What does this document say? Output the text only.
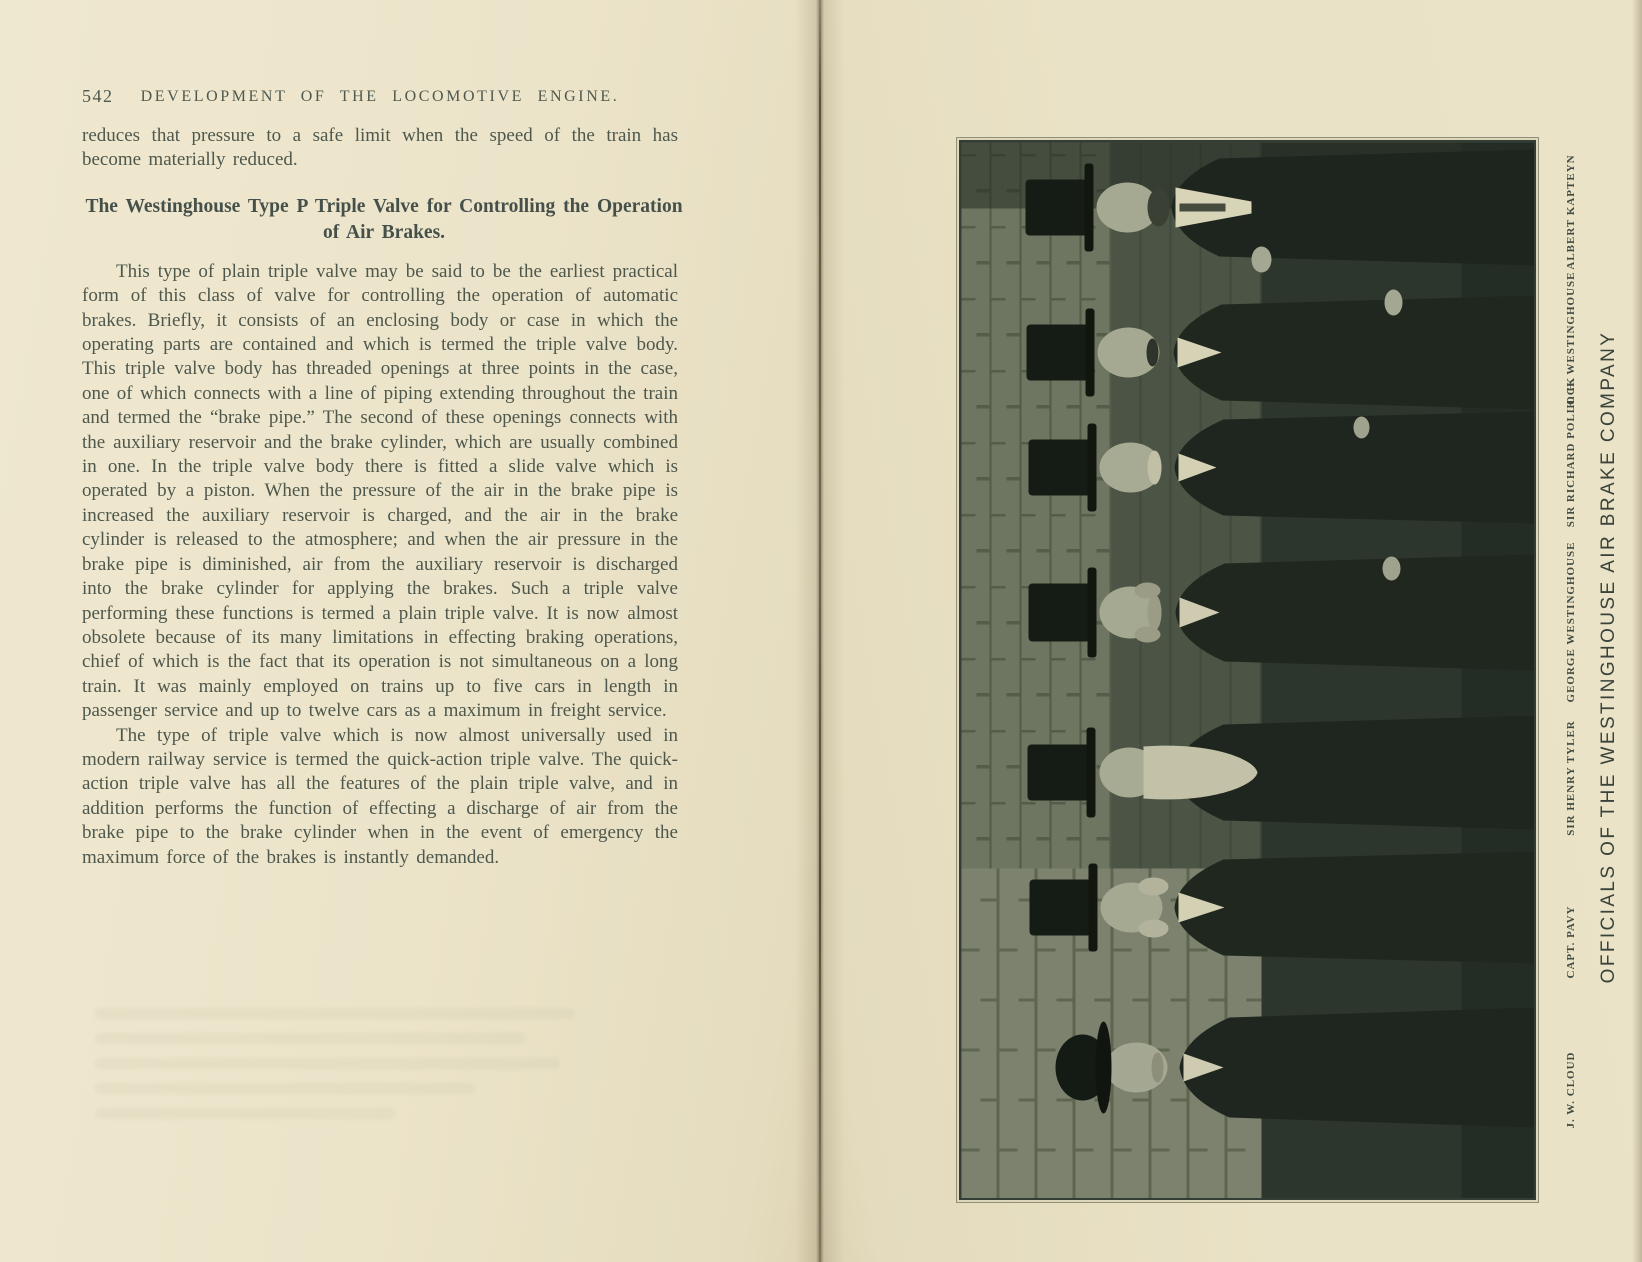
542	DEVELOPMENT OF THE LOCOMOTIVE ENGINE.

reduces that pressure to a safe limit when the speed of the train has become materially reduced.

The Westinghouse Type P Triple Valve for Controlling the Operation of Air Brakes.

This type of plain triple valve may be said to be the earliest practical form of this class of valve for controlling the operation of automatic brakes. Briefly, it consists of an enclosing body or case in which the operating parts are contained and which is termed the triple valve body. This triple valve body has threaded openings at three points in the case, one of which connects with a line of piping extending throughout the train and termed the “brake pipe.” The second of these openings connects with the auxiliary reservoir and the brake cylinder, which are usually combined in one. In the triple valve body there is fitted a slide valve which is operated by a piston. When the pressure of the air in the brake pipe is increased the auxiliary reservoir is charged, and the air in the brake cylinder is released to the atmosphere; and when the air pressure in the brake pipe is diminished, air from the auxiliary reservoir is discharged into the brake cylinder for applying the brakes. Such a triple valve performing these functions is termed a plain triple valve. It is now almost obsolete because of its many limitations in effecting braking operations, chief of which is the fact that its operation is not simultaneous on a long train. It was mainly employed on trains up to five cars in length in passenger service and up to twelve cars as a maximum in freight service.

The type of triple valve which is now almost universally used in modern railway service is termed the quick-action triple valve. The quick-action triple valve has all the features of the plain triple valve, and in addition performs the function of effecting a discharge of air from the brake pipe to the brake cylinder when in the event of emergency the maximum force of the brakes is instantly demanded.

ALBERT KAPTEYN
H. H. WESTINGHOUSE
SIR RICHARD POLLOCK
GEORGE WESTINGHOUSE
SIR HENRY TYLER
CAPT. PAVY
J. W. CLOUD
OFFICIALS OF THE WESTINGHOUSE AIR BRAKE COMPANY
